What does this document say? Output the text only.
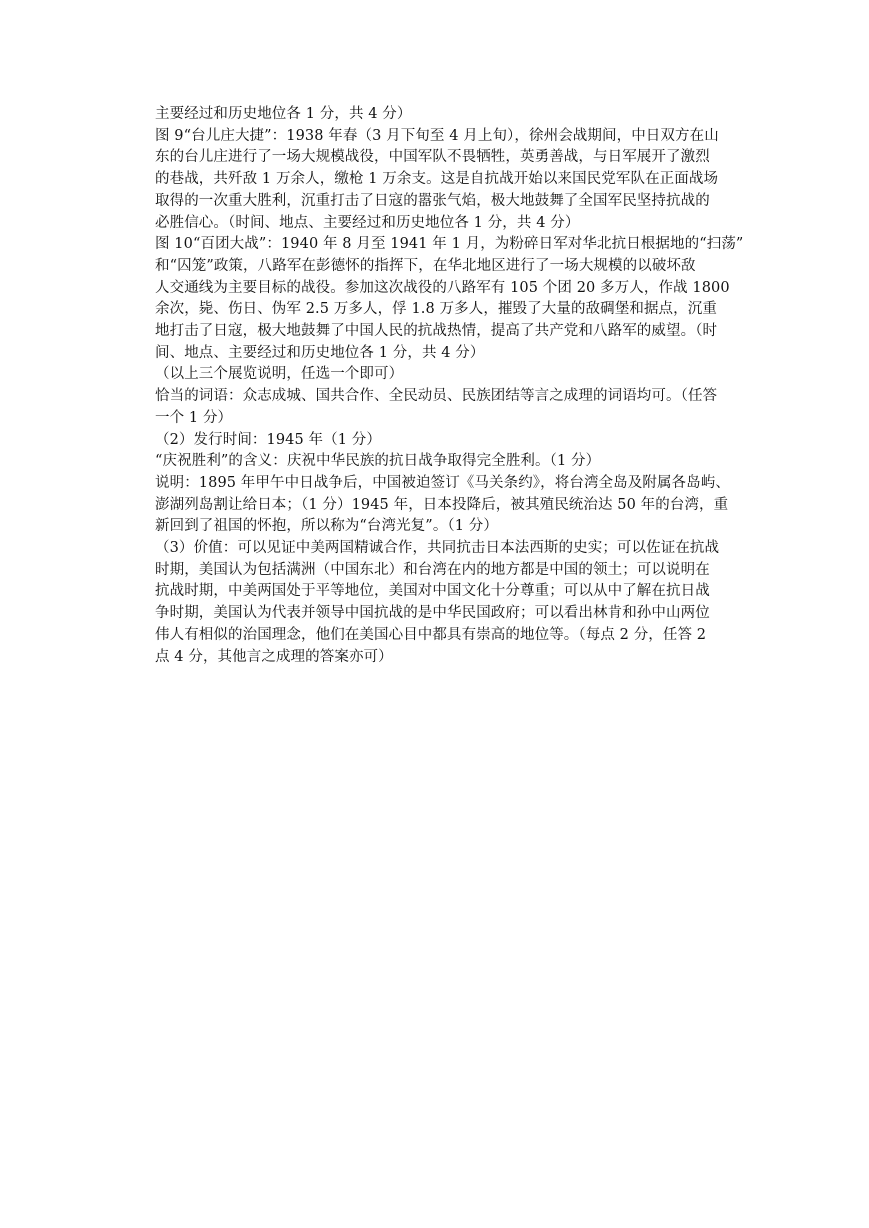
主要经过和历史地位各 1 分，共 4 分）
图 9“台儿庄大捷”：1938 年春（3 月下旬至 4 月上旬），徐州会战期间，中日双方在山
东的台儿庄进行了一场大规模战役，中国军队不畏牺牲，英勇善战，与日军展开了激烈
的巷战，共歼敌 1 万余人，缴枪 1 万余支。这是自抗战开始以来国民党军队在正面战场
取得的一次重大胜利，沉重打击了日寇的嚣张气焰，极大地鼓舞了全国军民坚持抗战的
必胜信心。（时间、地点、主要经过和历史地位各 1 分，共 4 分）
图 10“百团大战”：1940 年 8 月至 1941 年 1 月，为粉碎日军对华北抗日根据地的“扫荡”
和“囚笼”政策，八路军在彭德怀的指挥下，在华北地区进行了一场大规模的以破坏敌
人交通线为主要目标的战役。参加这次战役的八路军有 105 个团 20 多万人，作战 1800
余次，毙、伤日、伪军 2.5 万多人，俘 1.8 万多人，摧毁了大量的敌碉堡和据点，沉重
地打击了日寇，极大地鼓舞了中国人民的抗战热情，提高了共产党和八路军的威望。（时
间、地点、主要经过和历史地位各 1 分，共 4 分）
（以上三个展览说明，任选一个即可）
恰当的词语：众志成城、国共合作、全民动员、民族团结等言之成理的词语均可。（任答
一个 1 分）
（2）发行时间：1945 年（1 分）
“庆祝胜利”的含义：庆祝中华民族的抗日战争取得完全胜利。（1 分）
说明：1895 年甲午中日战争后，中国被迫签订《马关条约》，将台湾全岛及附属各岛屿、
澎湖列岛割让给日本；（1 分）1945 年，日本投降后，被其殖民统治达 50 年的台湾，重
新回到了祖国的怀抱，所以称为“台湾光复”。（1 分）
（3）价值：可以见证中美两国精诚合作，共同抗击日本法西斯的史实；可以佐证在抗战
时期，美国认为包括满洲（中国东北）和台湾在内的地方都是中国的领土；可以说明在
抗战时期，中美两国处于平等地位，美国对中国文化十分尊重；可以从中了解在抗日战
争时期，美国认为代表并领导中国抗战的是中华民国政府；可以看出林肯和孙中山两位
伟人有相似的治国理念，他们在美国心目中都具有崇高的地位等。（每点 2 分，任答 2
点 4 分，其他言之成理的答案亦可）
